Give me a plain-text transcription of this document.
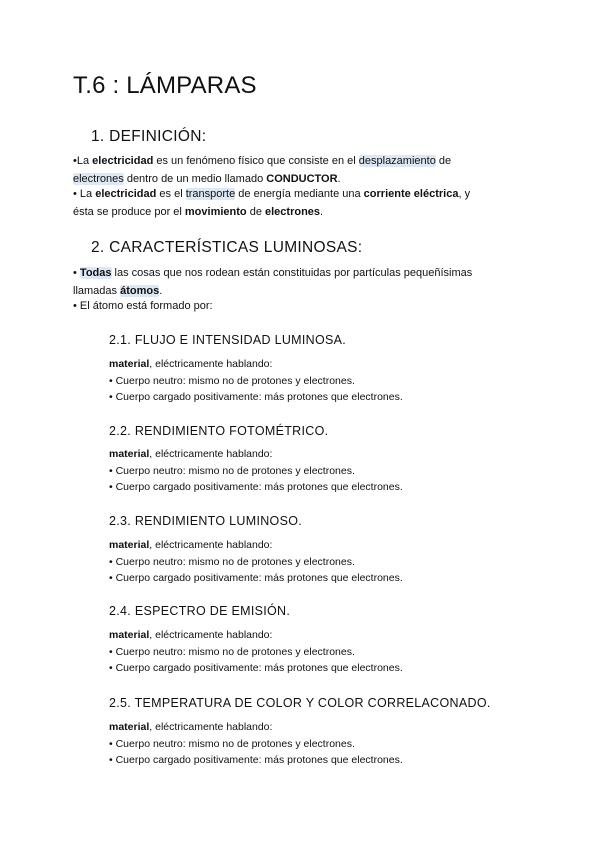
T.6 : LÁMPARAS
1. DEFINICIÓN:

•La electricidad es un fenómeno físico que consiste en el desplazamiento de
electrones dentro de un medio llamado CONDUCTOR.

• La electricidad es el transporte de energía mediante una corriente eléctrica, y
ésta se produce por el movimiento de electrones.

2. CARACTERÍSTICAS LUMINOSAS:

• Todas las cosas que nos rodean están constituidas por partículas pequeñísimas
llamadas átomos.

• El átomo está formado por:

2.1. FLUJO E INTENSIDAD LUMINOSA.
material, eléctricamente hablando:
• Cuerpo neutro: mismo no de protones y electrones.
• Cuerpo cargado positivamente: más protones que electrones.
2.2. RENDIMIENTO FOTOMÉTRICO.
material, eléctricamente hablando:
• Cuerpo neutro: mismo no de protones y electrones.
• Cuerpo cargado positivamente: más protones que electrones.
2.3. RENDIMIENTO LUMINOSO.
material, eléctricamente hablando:
• Cuerpo neutro: mismo no de protones y electrones.
• Cuerpo cargado positivamente: más protones que electrones.
2.4. ESPECTRO DE EMISIÓN.
material, eléctricamente hablando:
• Cuerpo neutro: mismo no de protones y electrones.
• Cuerpo cargado positivamente: más protones que electrones.
2.5. TEMPERATURA DE COLOR Y COLOR CORRELACONADO.
material, eléctricamente hablando:
• Cuerpo neutro: mismo no de protones y electrones.
• Cuerpo cargado positivamente: más protones que electrones.
